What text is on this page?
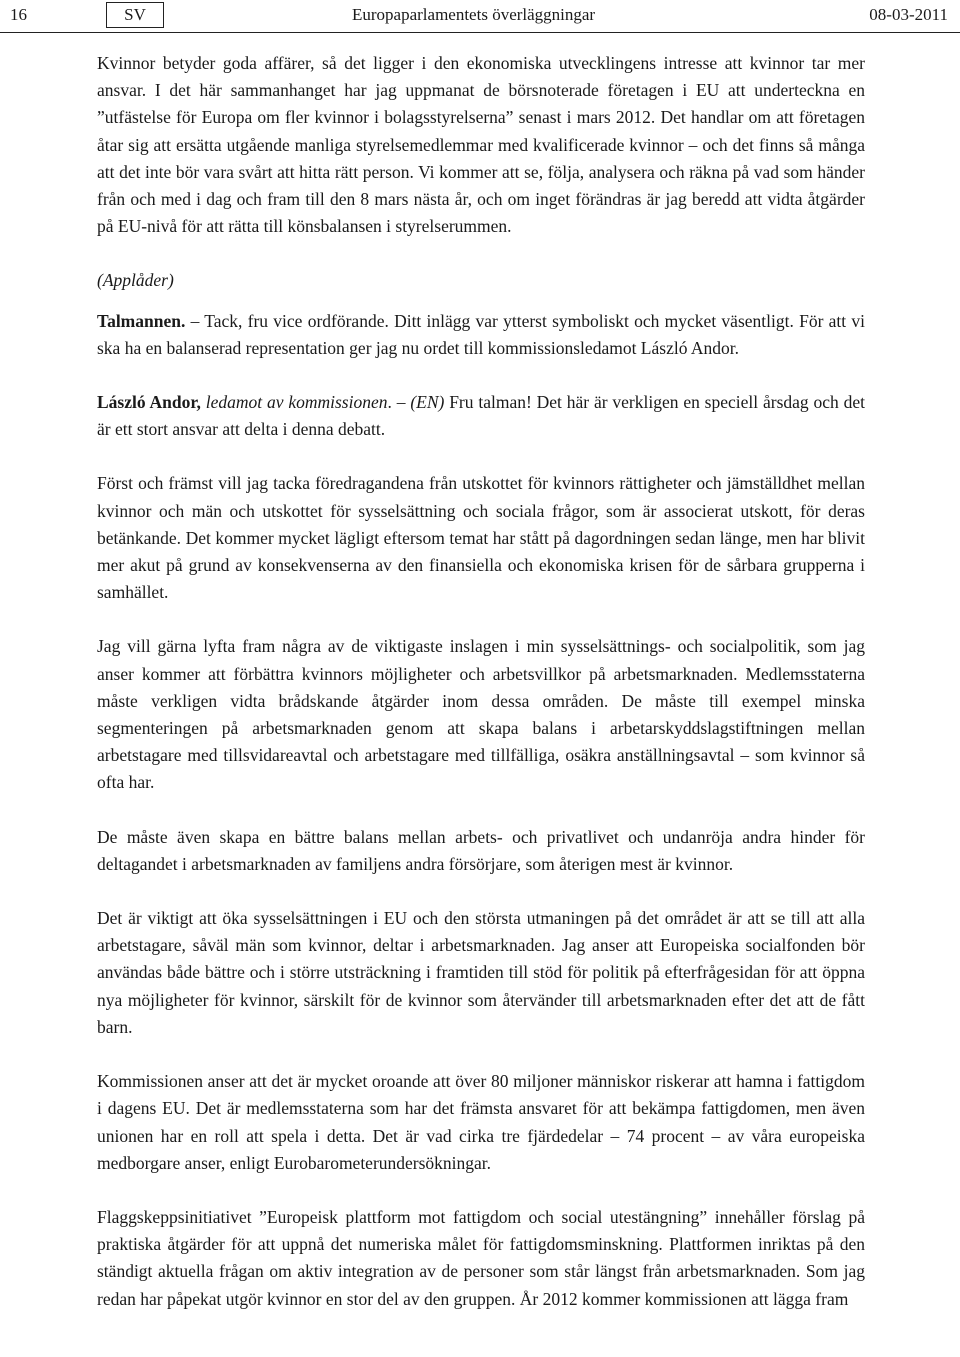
16	SV	Europaparlamentets överläggningar	08-03-2011

Kvinnor betyder goda affärer, så det ligger i den ekonomiska utvecklingens intresse att kvinnor tar mer ansvar. I det här sammanhanget har jag uppmanat de börsnoterade företagen i EU att underteckna en ”utfästelse för Europa om fler kvinnor i bolagsstyrelserna” senast i mars 2012. Det handlar om att företagen åtar sig att ersätta utgående manliga styrelsemedlemmar med kvalificerade kvinnor – och det finns så många att det inte bör vara svårt att hitta rätt person. Vi kommer att se, följa, analysera och räkna på vad som händer från och med i dag och fram till den 8 mars nästa år, och om inget förändras är jag beredd att vidta åtgärder på EU-nivå för att rätta till könsbalansen i styrelserummen.

(Applåder)

Talmannen. – Tack, fru vice ordförande. Ditt inlägg var ytterst symboliskt och mycket väsentligt. För att vi ska ha en balanserad representation ger jag nu ordet till kommissionsledamot László Andor.

László Andor, ledamot av kommissionen. – (EN) Fru talman! Det här är verkligen en speciell årsdag och det är ett stort ansvar att delta i denna debatt.

Först och främst vill jag tacka föredragandena från utskottet för kvinnors rättigheter och jämställdhet mellan kvinnor och män och utskottet för sysselsättning och sociala frågor, som är associerat utskott, för deras betänkande. Det kommer mycket lägligt eftersom temat har stått på dagordningen sedan länge, men har blivit mer akut på grund av konsekvenserna av den finansiella och ekonomiska krisen för de sårbara grupperna i samhället.

Jag vill gärna lyfta fram några av de viktigaste inslagen i min sysselsättnings- och socialpolitik, som jag anser kommer att förbättra kvinnors möjligheter och arbetsvillkor på arbetsmarknaden. Medlemsstaterna måste verkligen vidta brådskande åtgärder inom dessa områden. De måste till exempel minska segmenteringen på arbetsmarknaden genom att skapa balans i arbetarskyddslagstiftningen mellan arbetstagare med tillsvidareavtal och arbetstagare med tillfälliga, osäkra anställningsavtal – som kvinnor så ofta har.

De måste även skapa en bättre balans mellan arbets- och privatlivet och undanröja andra hinder för deltagandet i arbetsmarknaden av familjens andra försörjare, som återigen mest är kvinnor.

Det är viktigt att öka sysselsättningen i EU och den största utmaningen på det området är att se till att alla arbetstagare, såväl män som kvinnor, deltar i arbetsmarknaden. Jag anser att Europeiska socialfonden bör användas både bättre och i större utsträckning i framtiden till stöd för politik på efterfrågesidan för att öppna nya möjligheter för kvinnor, särskilt för de kvinnor som återvänder till arbetsmarknaden efter det att de fått barn.

Kommissionen anser att det är mycket oroande att över 80 miljoner människor riskerar att hamna i fattigdom i dagens EU. Det är medlemsstaterna som har det främsta ansvaret för att bekämpa fattigdomen, men även unionen har en roll att spela i detta. Det är vad cirka tre fjärdedelar – 74 procent – av våra europeiska medborgare anser, enligt Eurobarometerundersökningar.

Flaggskeppsinitiativet ”Europeisk plattform mot fattigdom och social utestängning” innehåller förslag på praktiska åtgärder för att uppnå det numeriska målet för fattigdomsminskning. Plattformen inriktas på den ständigt aktuella frågan om aktiv integration av de personer som står längst från arbetsmarknaden. Som jag redan har påpekat utgör kvinnor en stor del av den gruppen. År 2012 kommer kommissionen att lägga fram
